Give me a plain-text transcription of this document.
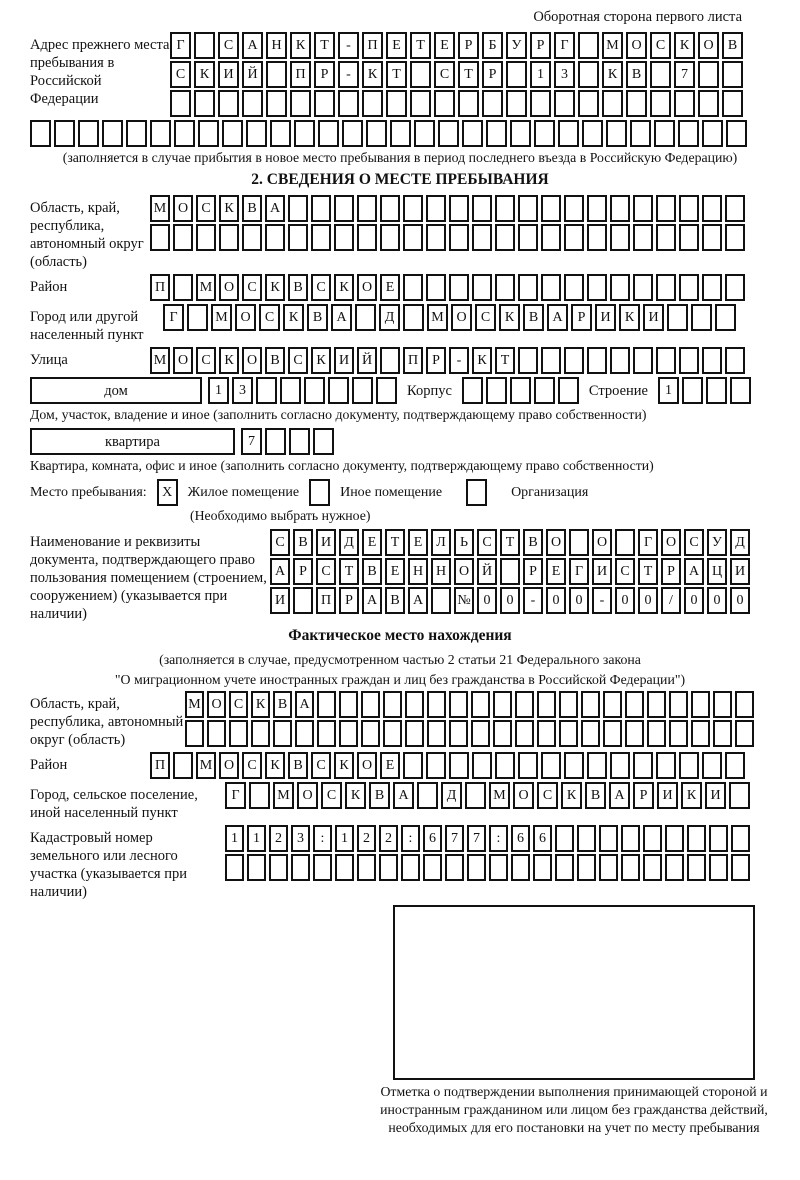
Оборотная сторона первого листа
Адрес прежнего места пребывания в Российской Федерации
Г	С	А Н	К	Т	-	П	Е	Т	Е	Р	Б	У	Р	Г	М О	С	К	О	В
С	К	И Й	П	Р	-	К	Т	С	Т	Р	1	3	К	В	7
(заполняется в случае прибытия в новое место пребывания в период последнего въезда в Российскую Федерацию)
2. СВЕДЕНИЯ О МЕСТЕ ПРЕБЫВАНИЯ
Область, край, республика, автономный округ (область)
М О С К В А
Район	П	М О С К В С К О Е
Город или другой населенный пункт
Г	М О	С	К	В	А	Д	М О	С	К	В	А	Р	И	К	И
Улица	М О С К О В С К И Й	П	Р	-	К	Т
дом	1	3	Корпус	Строение	1
Дом, участок, владение и иное (заполнить согласно документу, подтверждающему право собственности)
квартира	7
Квартира, комната, офис и иное (заполнить согласно документу, подтверждающему право собственности)
Место пребывания:	X	Жилое помещение	Иное помещение	Организация
(Необходимо выбрать нужное)
Наименование и реквизиты документа, подтверждающего право пользования помещением (строением, сооружением) (указывается при наличии)
С В И Д Е	Т	Е Л	Ь	С	Т	В О	О	Г О С У Д
А	Р	С	Т	В	Е Н Н О Й	Р	Е	Г И С	Т	Р	А Ц И
И	П	Р	А В А	№ 0	0	-	0	0	-	0	0	/	0	0	0
Фактическое место нахождения
(заполняется в случае, предусмотренном частью 2 статьи 21 Федерального закона
"О миграционном учете иностранных граждан и лиц без гражданства в Российской Федерации")
Область, край, республика, автономный округ (область)
М О С К В А
Район	П	М О С К В С К О Е
Город, сельское поселение, иной населенный пункт
Г	М О	С	К	В	А	Д	М О	С	К	В	А	Р	И	К	И
Кадастровый номер земельного или лесного участка (указывается при наличии)
1	1	2	3	:	1	2	2	:	6	7	7	:	6	6
Отметка о подтверждении выполнения принимающей стороной и иностранным гражданином или лицом без гражданства действий, необходимых для его постановки на учет по месту пребывания
